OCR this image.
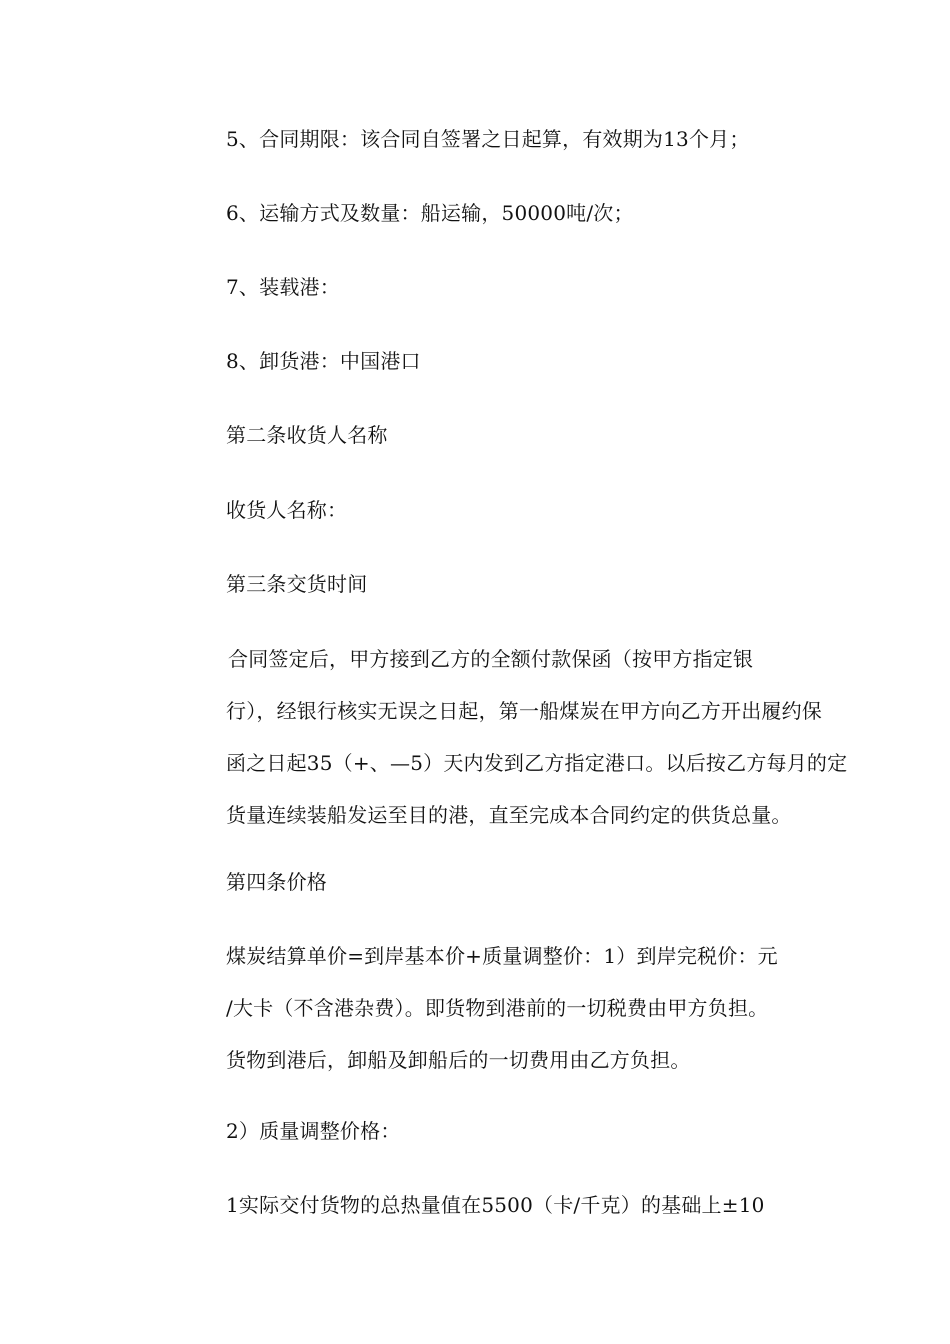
5、合同期限：该合同自签署之日起算，有效期为13个月；
6、运输方式及数量：船运输，50000吨/次；
7、装载港：
8、卸货港：中国港口
第二条收货人名称
收货人名称：
第三条交货时间
合同签定后，甲方接到乙方的全额付款保函（按甲方指定银
行），经银行核实无误之日起，第一船煤炭在甲方向乙方开出履约保
函之日起35（+、—5）天内发到乙方指定港口。以后按乙方每月的定
货量连续装船发运至目的港，直至完成本合同约定的供货总量。
第四条价格
煤炭结算单价=到岸基本价+质量调整价：1）到岸完税价：元
/大卡（不含港杂费）。即货物到港前的一切税费由甲方负担。
货物到港后，卸船及卸船后的一切费用由乙方负担。
2）质量调整价格：
1实际交付货物的总热量值在5500（卡/千克）的基础上±10
